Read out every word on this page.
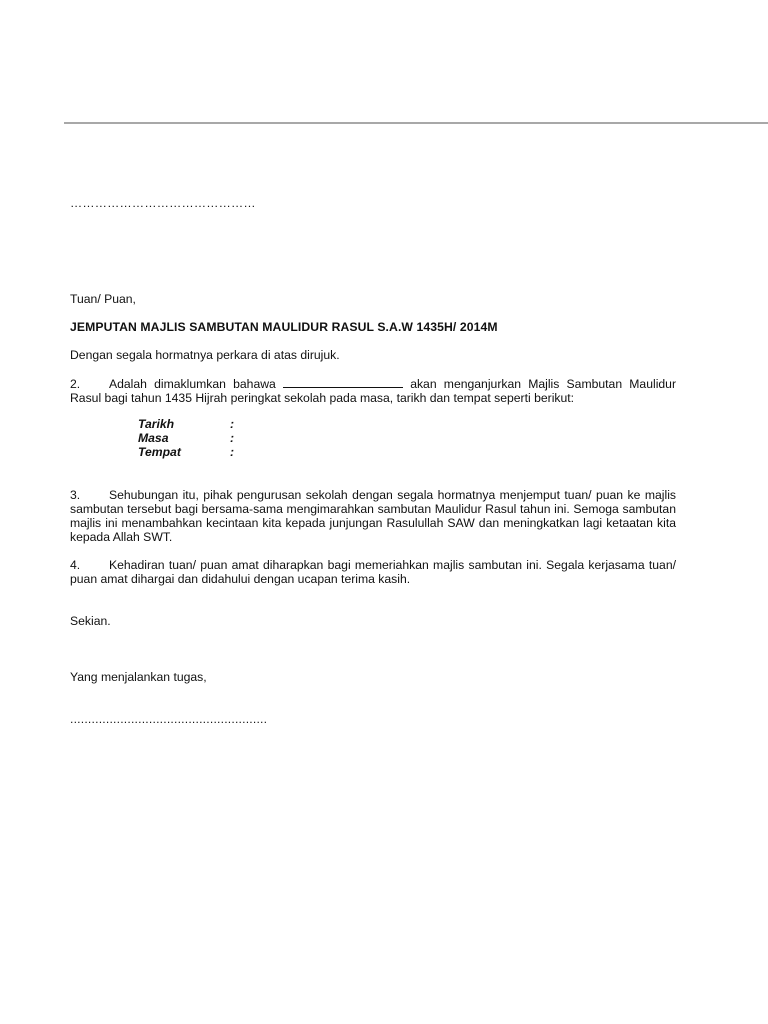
………………………………………
Tuan/ Puan,
JEMPUTAN MAJLIS SAMBUTAN MAULIDUR RASUL S.A.W 1435H/ 2014M
Dengan segala hormatnya perkara di atas dirujuk.
2. Adalah dimaklumkan bahawa	akan menganjurkan Majlis Sambutan Maulidur Rasul bagi tahun 1435 Hijrah peringkat sekolah pada masa, tarikh dan tempat seperti berikut:
Tarikh	:
Masa	:
Tempat	:
3. Sehubungan itu, pihak pengurusan sekolah dengan segala hormatnya menjemput tuan/ puan ke majlis sambutan tersebut bagi bersama-sama mengimarahkan sambutan Maulidur Rasul tahun ini. Semoga sambutan majlis ini menambahkan kecintaan kita kepada junjungan Rasulullah SAW dan meningkatkan lagi ketaatan kita kepada Allah SWT.
4. Kehadiran tuan/ puan amat diharapkan bagi memeriahkan majlis sambutan ini. Segala kerjasama tuan/ puan amat dihargai dan didahului dengan ucapan terima kasih.
Sekian.
Yang menjalankan tugas,
.......................................................
